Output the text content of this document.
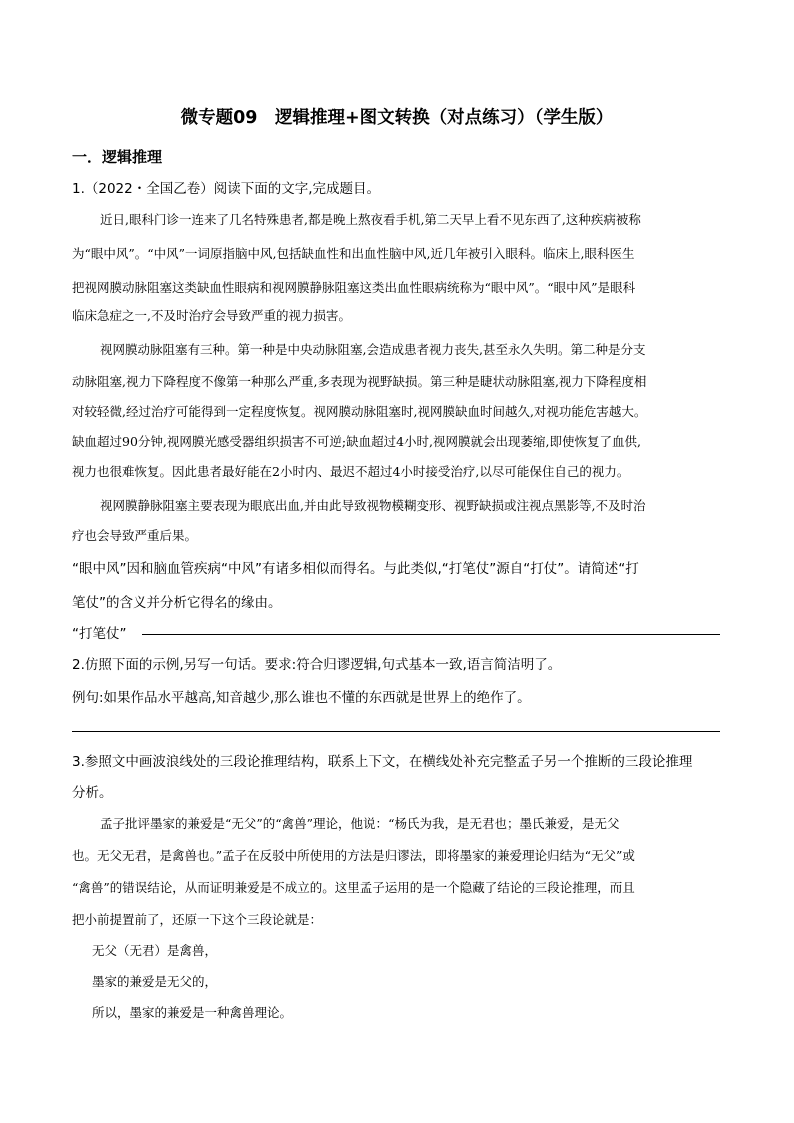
微专题09　逻辑推理+图文转换（对点练习）（学生版）
一．逻辑推理

1.（2022・全国乙卷）阅读下面的文字,完成题目。

近日,眼科门诊一连来了几名特殊患者,都是晚上熬夜看手机,第二天早上看不见东西了,这种疾病被称

为“眼中风”。“中风”一词原指脑中风,包括缺血性和出血性脑中风,近几年被引入眼科。临床上,眼科医生

把视网膜动脉阻塞这类缺血性眼病和视网膜静脉阻塞这类出血性眼病统称为“眼中风”。“眼中风”是眼科

临床急症之一,不及时治疗会导致严重的视力损害。

视网膜动脉阻塞有三种。第一种是中央动脉阻塞,会造成患者视力丧失,甚至永久失明。第二种是分支

动脉阻塞,视力下降程度不像第一种那么严重,多表现为视野缺损。第三种是睫状动脉阻塞,视力下降程度相

对较轻微,经过治疗可能得到一定程度恢复。视网膜动脉阻塞时,视网膜缺血时间越久,对视功能危害越大。

缺血超过90分钟,视网膜光感受器组织损害不可逆;缺血超过4小时,视网膜就会出现萎缩,即使恢复了血供,

视力也很难恢复。因此患者最好能在2小时内、最迟不超过4小时接受治疗,以尽可能保住自己的视力。

视网膜静脉阻塞主要表现为眼底出血,并由此导致视物模糊变形、视野缺损或注视点黑影等,不及时治

疗也会导致严重后果。

“眼中风”因和脑血管疾病“中风”有诸多相似而得名。与此类似,“打笔仗”源自“打仗”。请简述“打

笔仗”的含义并分析它得名的缘由。

“打笔仗”

2.仿照下面的示例,另写一句话。要求:符合归谬逻辑,句式基本一致,语言简洁明了。

例句:如果作品水平越高,知音越少,那么谁也不懂的东西就是世界上的绝作了。

3.参照文中画波浪线处的三段论推理结构，联系上下文，在横线处补充完整孟子另一个推断的三段论推理

分析。

孟子批评墨家的兼爱是“无父”的“禽兽”理论，他说：“杨氏为我，是无君也；墨氏兼爱，是无父

也。无父无君，是禽兽也。”孟子在反驳中所使用的方法是归谬法，即将墨家的兼爱理论归结为“无父”或

“禽兽”的错误结论，从而证明兼爱是不成立的。这里孟子运用的是一个隐藏了结论的三段论推理，而且

把小前提置前了，还原一下这个三段论就是：

无父（无君）是禽兽，

墨家的兼爱是无父的，

所以，墨家的兼爱是一种禽兽理论。
